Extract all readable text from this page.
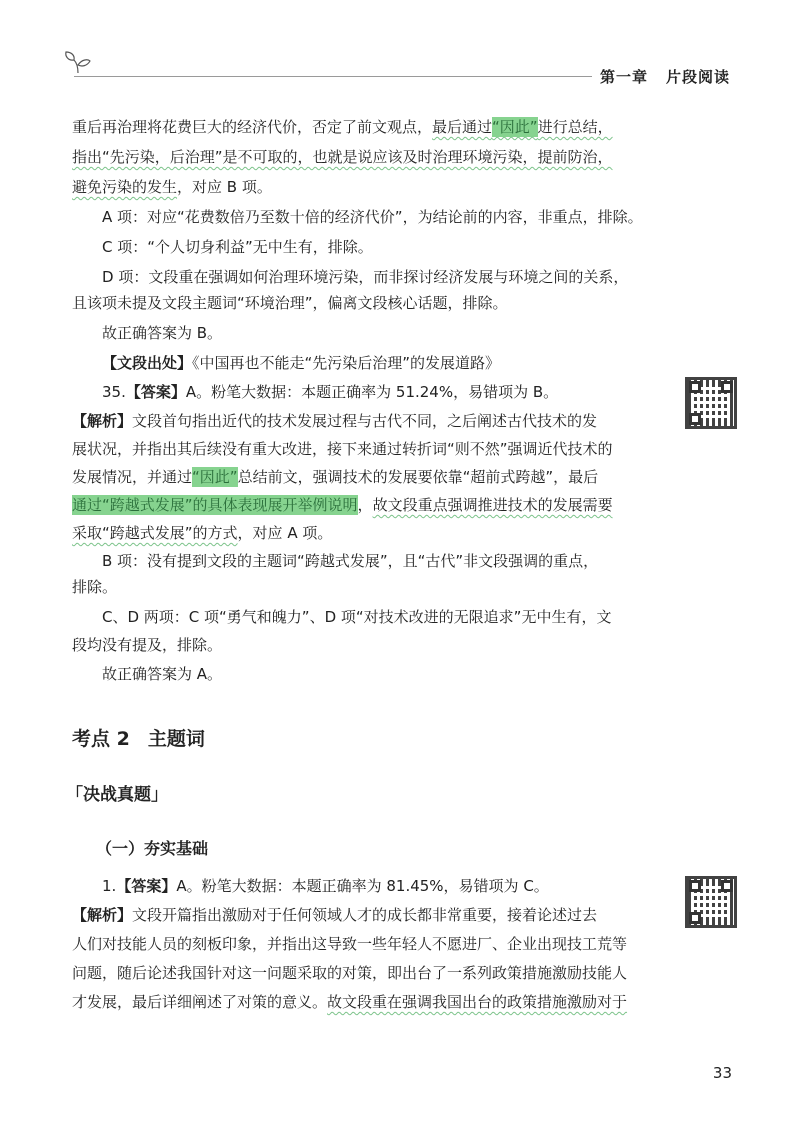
第一章 片段阅读
重后再治理将花费巨大的经济代价，否定了前文观点，最后通过“因此”进行总结，
指出“先污染，后治理”是不可取的，也就是说应该及时治理环境污染，提前防治，
避免污染的发生，对应 B 项。
A 项：对应“花费数倍乃至数十倍的经济代价”，为结论前的内容，非重点，排除。
C 项：“个人切身利益”无中生有，排除。
D 项：文段重在强调如何治理环境污染，而非探讨经济发展与环境之间的关系，
且该项未提及文段主题词“环境治理”，偏离文段核心话题，排除。
故正确答案为 B。
【文段出处】《中国再也不能走“先污染后治理”的发展道路》
35.【答案】A。粉笔大数据：本题正确率为 51.24%，易错项为 B。
【解析】文段首句指出近代的技术发展过程与古代不同，之后阐述古代技术的发
展状况，并指出其后续没有重大改进，接下来通过转折词“则不然”强调近代技术的
发展情况，并通过“因此”总结前文，强调技术的发展要依靠“超前式跨越”，最后
通过“跨越式发展”的具体表现展开举例说明，故文段重点强调推进技术的发展需要
采取“跨越式发展”的方式，对应 A 项。
B 项：没有提到文段的主题词“跨越式发展”，且“古代”非文段强调的重点，
排除。
C、D 两项：C 项“勇气和魄力”、D 项“对技术改进的无限追求”无中生有，文
段均没有提及，排除。
故正确答案为 A。
考点 2 主题词
「决战真题」
（一）夯实基础
1.【答案】A。粉笔大数据：本题正确率为 81.45%，易错项为 C。
【解析】文段开篇指出激励对于任何领域人才的成长都非常重要，接着论述过去
人们对技能人员的刻板印象，并指出这导致一些年轻人不愿进厂、企业出现技工荒等
问题，随后论述我国针对这一问题采取的对策，即出台了一系列政策措施激励技能人
才发展，最后详细阐述了对策的意义。故文段重在强调我国出台的政策措施激励对于
33
